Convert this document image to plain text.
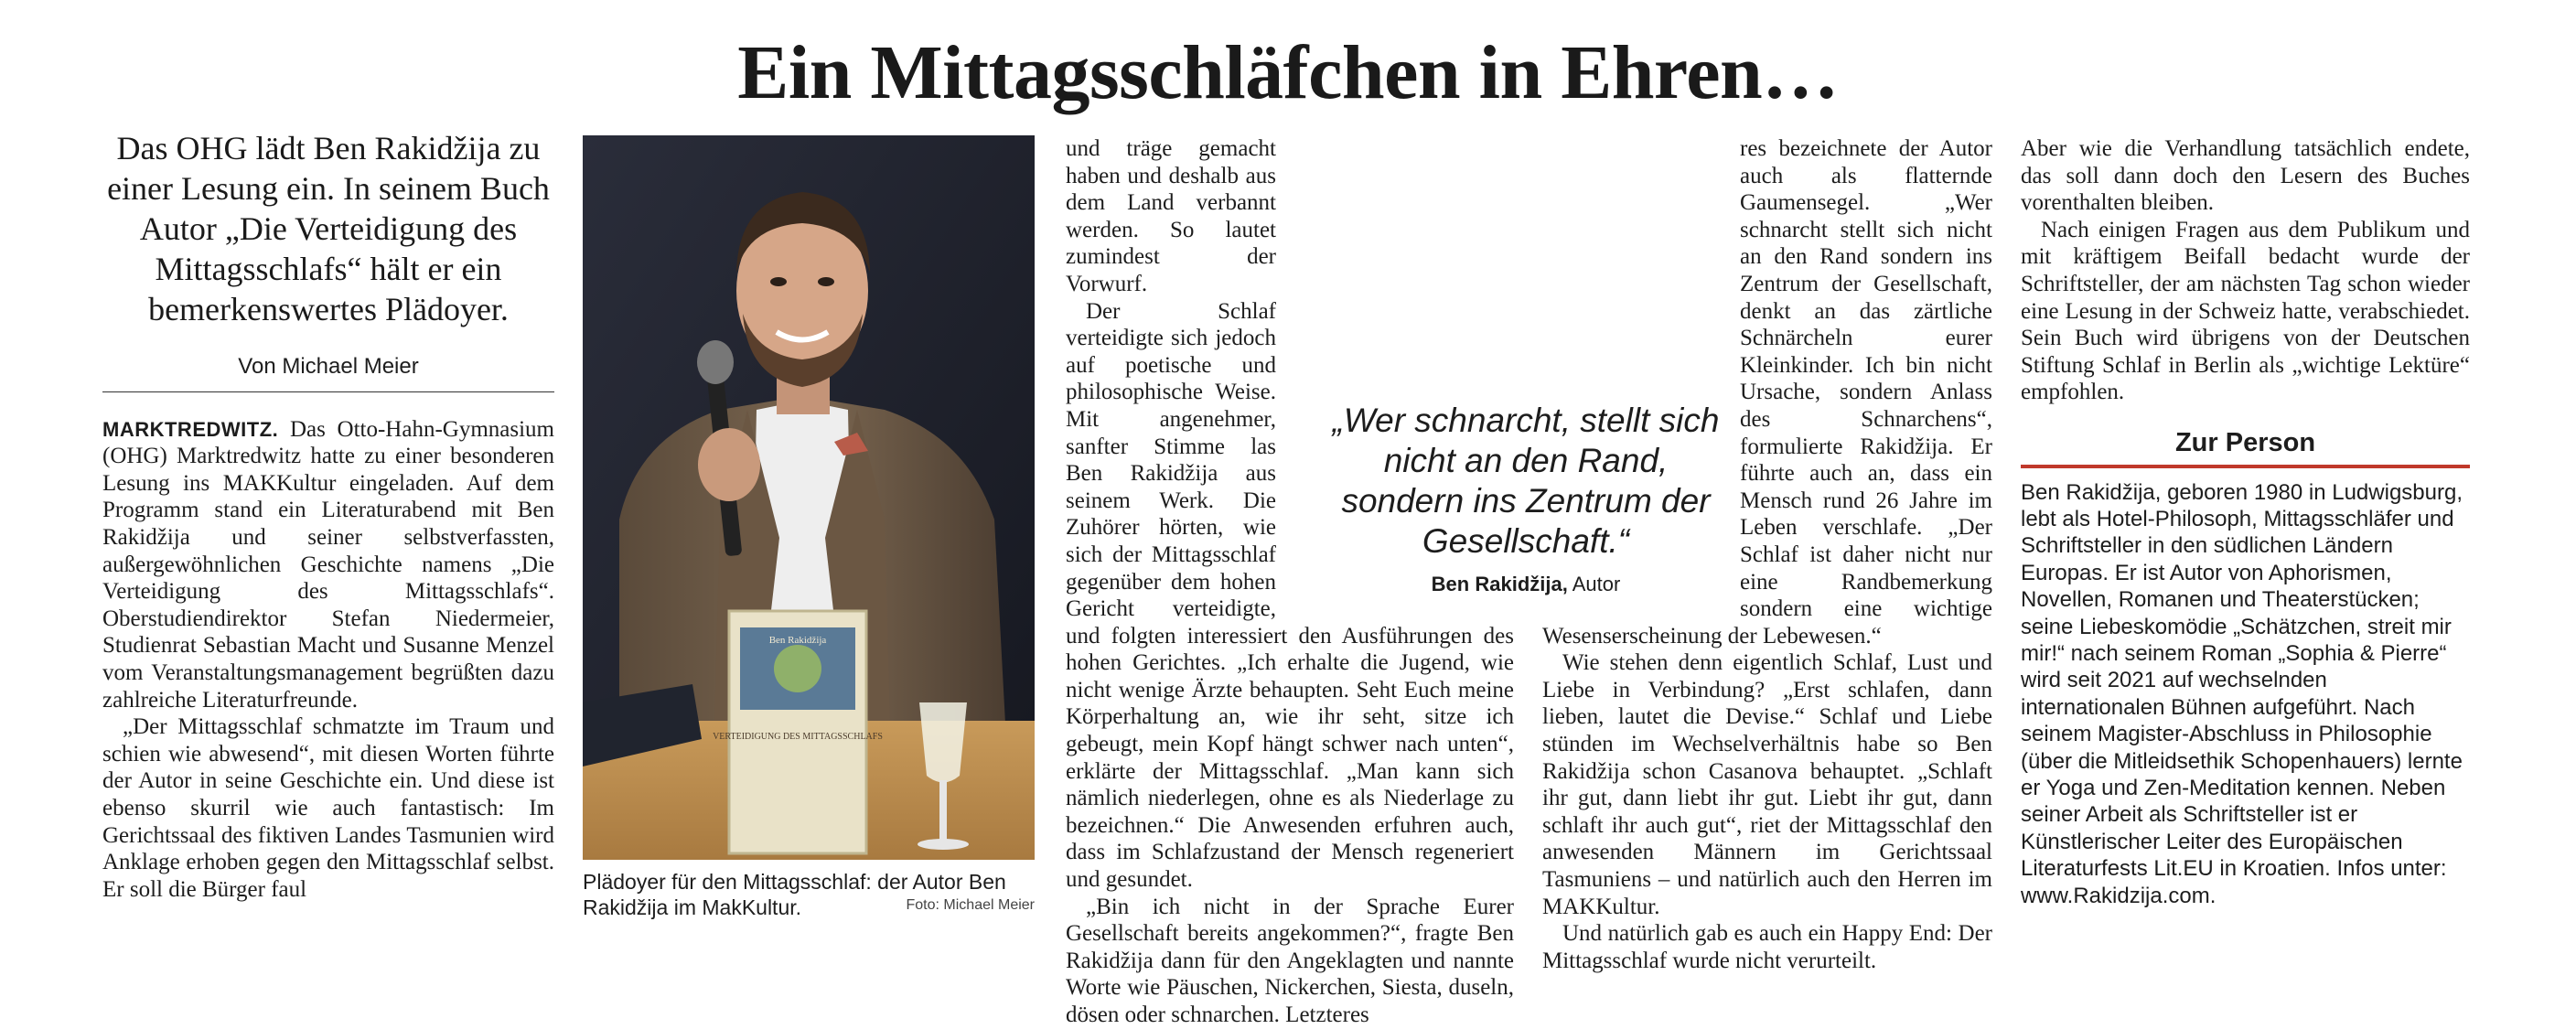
Ein Mittagsschläfchen in Ehren…
Das OHG lädt Ben Rakidžija zu einer Lesung ein. In seinem Buch Autor „Die Verteidigung des Mittagsschlafs“ hält er ein bemerkenswertes Plädoyer.
Von Michael Meier

MARKTREDWITZ. Das Otto-Hahn-Gymnasium (OHG) Marktredwitz hatte zu einer besonderen Lesung ins MAKKultur eingeladen. Auf dem Programm stand ein Literaturabend mit Ben Rakidžija und seiner selbstverfassten, außergewöhnlichen Geschichte namens „Die Verteidigung des Mittagsschlafs“. Oberstudiendirektor Stefan Niedermeier, Studienrat Sebastian Macht und Susanne Menzel vom Veranstaltungsmanagement begrüßten dazu zahlreiche Literaturfreunde.

„Der Mittagsschlaf schmatzte im Traum und schien wie abwesend“, mit diesen Worten führte der Autor in seine Geschichte ein. Und diese ist ebenso skurril wie auch fantastisch: Im Gerichtssaal des fiktiven Landes Tasmunien wird Anklage erhoben gegen den Mittagsschlaf selbst. Er soll die Bürger faul

Ben Rakidžija
VERTEIDIGUNG DES MITTAGSSCHLAFS
Plädoyer für den Mittagsschlaf: der Autor Ben Rakidžija im MakKultur.	Foto: Michael Meier

und träge gemacht haben und deshalb aus dem Land verbannt werden. So lautet zumindest der Vorwurf.

Der Schlaf verteidigte sich jedoch auf poetische und philosophische Weise. Mit angenehmer, sanfter Stimme las Ben Rakidžija aus seinem Werk. Die Zuhörer hörten, wie sich der Mittagsschlaf gegenüber dem hohen Gericht verteidigte, und folgten interessiert den Ausführungen des hohen Gerichtes. „Ich erhalte die Jugend, wie nicht wenige Ärzte behaupten. Seht Euch meine Körperhaltung an, wie ihr seht, sitze ich gebeugt, mein Kopf hängt schwer nach unten“, erklärte der Mittagsschlaf. „Man kann sich nämlich niederlegen, ohne es als Niederlage zu bezeichnen.“ Die Anwesenden erfuhren auch, dass im Schlafzustand der Mensch regeneriert und gesundet.

„Bin ich nicht in der Sprache Eurer Gesellschaft bereits angekommen?“, fragte Ben Rakidžija dann für den Angeklagten und nannte Worte wie Päuschen, Nickerchen, Siesta, duseln, dösen oder schnarchen. Letzteres

„Wer schnarcht, stellt sich nicht an den Rand, sondern ins Zentrum der Gesellschaft.“
Ben Rakidžija, Autor

res bezeichnete der Autor auch als flatternde Gaumensegel. „Wer schnarcht stellt sich nicht an den Rand sondern ins Zentrum der Gesellschaft, denkt an das zärtliche Schnärcheln eurer Kleinkinder. Ich bin nicht Ursache, sondern Anlass des Schnarchens“, formulierte Rakidžija. Er führte auch an, dass ein Mensch rund 26 Jahre im Leben verschlafe. „Der Schlaf ist daher nicht nur eine Randbemerkung sondern eine wichtige Wesenserscheinung der Lebewesen.“

Wie stehen denn eigentlich Schlaf, Lust und Liebe in Verbindung? „Erst schlafen, dann lieben, lautet die Devise.“ Schlaf und Liebe stünden im Wechselverhältnis habe so Ben Rakidžija schon Casanova behauptet. „Schlaft ihr gut, dann liebt ihr gut. Liebt ihr gut, dann schlaft ihr auch gut“, riet der Mittagsschlaf den anwesenden Männern im Gerichtssaal Tasmuniens – und natürlich auch den Herren im MAKKultur.

Und natürlich gab es auch ein Happy End: Der Mittagsschlaf wurde nicht verurteilt.

Aber wie die Verhandlung tatsächlich endete, das soll dann doch den Lesern des Buches vorenthalten bleiben.

Nach einigen Fragen aus dem Publikum und mit kräftigem Beifall bedacht wurde der Schriftsteller, der am nächsten Tag schon wieder eine Lesung in der Schweiz hatte, verabschiedet. Sein Buch wird übrigens von der Deutschen Stiftung Schlaf in Berlin als „wichtige Lektüre“ empfohlen.

Zur Person
Ben Rakidžija, geboren 1980 in Ludwigsburg, lebt als Hotel-Philosoph, Mittagsschläfer und Schriftsteller in den südlichen Ländern Europas. Er ist Autor von Aphorismen, Novellen, Romanen und Theaterstücken; seine Liebeskomödie „Schätzchen, streit mir mir!“ nach seinem Roman „Sophia & Pierre“ wird seit 2021 auf wechselnden internationalen Bühnen aufgeführt. Nach seinem Magister-Abschluss in Philosophie (über die Mitleidsethik Schopenhauers) lernte er Yoga und Zen-Meditation kennen. Neben seiner Arbeit als Schriftsteller ist er Künstlerischer Leiter des Europäischen Literaturfests Lit.EU in Kroatien. Infos unter: www.Rakidzija.com.
